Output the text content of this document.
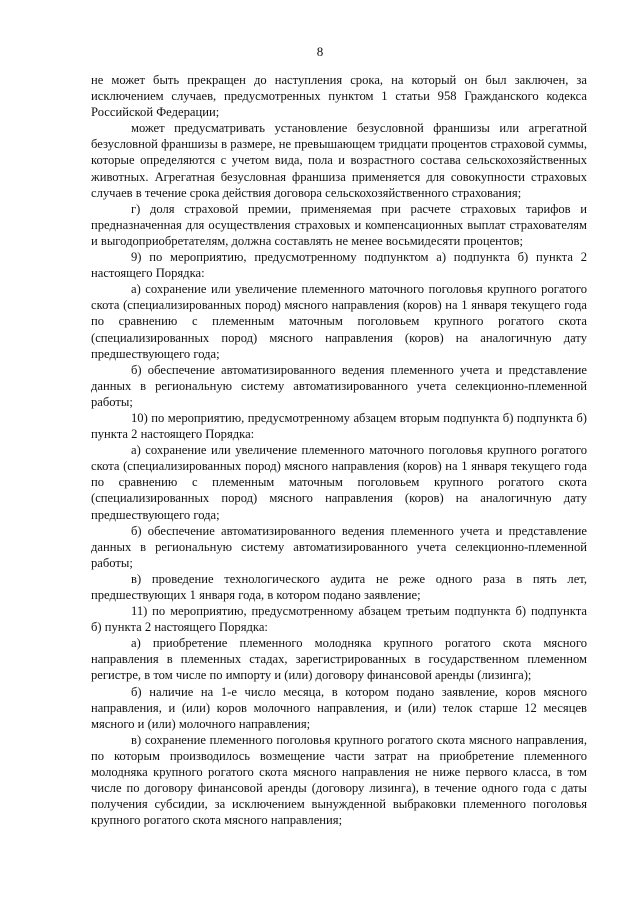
8

не может быть прекращен до наступления срока, на который он был заключен, за исключением случаев, предусмотренных пунктом 1 статьи 958 Гражданского кодекса Российской Федерации;

может предусматривать установление безусловной франшизы или агрегатной безусловной франшизы в размере, не превышающем тридцати процентов страховой суммы, которые определяются с учетом вида, пола и возрастного состава сельскохозяйственных животных. Агрегатная безусловная франшиза применяется для совокупности страховых случаев в течение срока действия договора сельскохозяйственного страхования;

г) доля страховой премии, применяемая при расчете страховых тарифов и предназначенная для осуществления страховых и компенсационных выплат страхователям и выгодоприобретателям, должна составлять не менее восьмидесяти процентов;

9) по мероприятию, предусмотренному подпунктом а) подпункта б) пункта 2 настоящего Порядка:

а) сохранение или увеличение племенного маточного поголовья крупного рогатого скота (специализированных пород) мясного направления (коров) на 1 января текущего года по сравнению с племенным маточным поголовьем крупного рогатого скота (специализированных пород) мясного направления (коров) на аналогичную дату предшествующего года;

б) обеспечение автоматизированного ведения племенного учета и представление данных в региональную систему автоматизированного учета селекционно-племенной работы;

10) по мероприятию, предусмотренному абзацем вторым подпункта б) подпункта б) пункта 2 настоящего Порядка:

а) сохранение или увеличение племенного маточного поголовья крупного рогатого скота (специализированных пород) мясного направления (коров) на 1 января текущего года по сравнению с племенным маточным поголовьем крупного рогатого скота (специализированных пород) мясного направления (коров) на аналогичную дату предшествующего года;

б) обеспечение автоматизированного ведения племенного учета и представление данных в региональную систему автоматизированного учета селекционно-племенной работы;

в) проведение технологического аудита не реже одного раза в пять лет, предшествующих 1 января года, в котором подано заявление;

11) по мероприятию, предусмотренному абзацем третьим подпункта б) подпункта б) пункта 2 настоящего Порядка:

а) приобретение племенного молодняка крупного рогатого скота мясного направления в племенных стадах, зарегистрированных в государственном племенном регистре, в том числе по импорту и (или) договору финансовой аренды (лизинга);

б) наличие на 1-е число месяца, в котором подано заявление, коров мясного направления, и (или) коров молочного направления, и (или) телок старше 12 месяцев мясного и (или) молочного направления;

в) сохранение племенного поголовья крупного рогатого скота мясного направления, по которым производилось возмещение части затрат на приобретение племенного молодняка крупного рогатого скота мясного направления не ниже первого класса, в том числе по договору финансовой аренды (договору лизинга), в течение одного года с даты получения субсидии, за исключением вынужденной выбраковки племенного поголовья крупного рогатого скота мясного направления;
